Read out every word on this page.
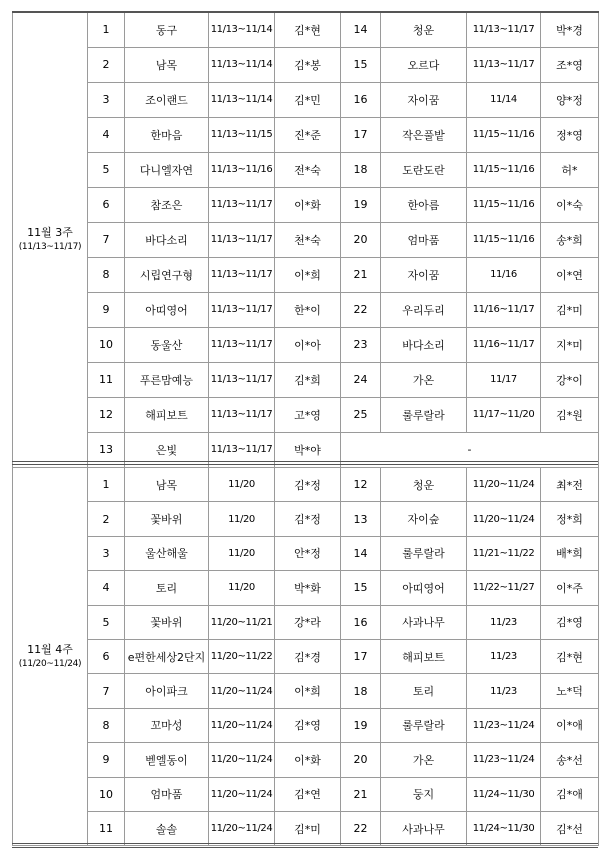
11월 3주
(11/13~11/17)	1	동구	11/13~11/14	김*현	14	청운	11/13~11/17	박*경
	2	남목	11/13~11/14	김*봉	15	오르다	11/13~11/17	조*영
	3	조이랜드	11/13~11/14	김*민	16	자이꿈	11/14	양*정
	4	한마음	11/13~11/15	진*준	17	작은풀밭	11/15~11/16	정*영
	5	다니엘자연	11/13~11/16	전*숙	18	도란도란	11/15~11/16	허*
	6	참조은	11/13~11/17	이*화	19	한아름	11/15~11/16	이*숙
	7	바다소리	11/13~11/17	천*숙	20	엄마품	11/15~11/16	송*희
	8	시립연구형	11/13~11/17	이*희	21	자이꿈	11/16	이*연
	9	아띠영어	11/13~11/17	한*이	22	우리두리	11/16~11/17	김*미
	10	동울산	11/13~11/17	이*아	23	바다소리	11/16~11/17	지*미
	11	푸른맘예능	11/13~11/17	김*희	24	가온	11/17	강*이
	12	해피보트	11/13~11/17	고*영	25	룰루랄라	11/17~11/20	김*원
	13	은빛	11/13~11/17	박*야	-			
11월 4주
(11/20~11/24)	1	남목	11/20	김*정	12	청운	11/20~11/24	최*전
	2	꽃바위	11/20	김*정	13	자이숲	11/20~11/24	정*희
	3	울산해울	11/20	안*정	14	룰루랄라	11/21~11/22	배*희
	4	토리	11/20	박*화	15	아띠영어	11/22~11/27	이*주
	5	꽃바위	11/20~11/21	강*라	16	사과나무	11/23	김*영
	6	e편한세상2단지	11/20~11/22	김*경	17	해피보트	11/23	김*현
	7	아이파크	11/20~11/24	이*희	18	토리	11/23	노*덕
	8	꼬마성	11/20~11/24	김*영	19	룰루랄라	11/23~11/24	이*애
	9	벧엘동이	11/20~11/24	이*화	20	가온	11/23~11/24	송*선
	10	엄마품	11/20~11/24	김*연	21	둥지	11/24~11/30	김*애
	11	솔솔	11/20~11/24	김*미	22	사과나무	11/24~11/30	김*선
